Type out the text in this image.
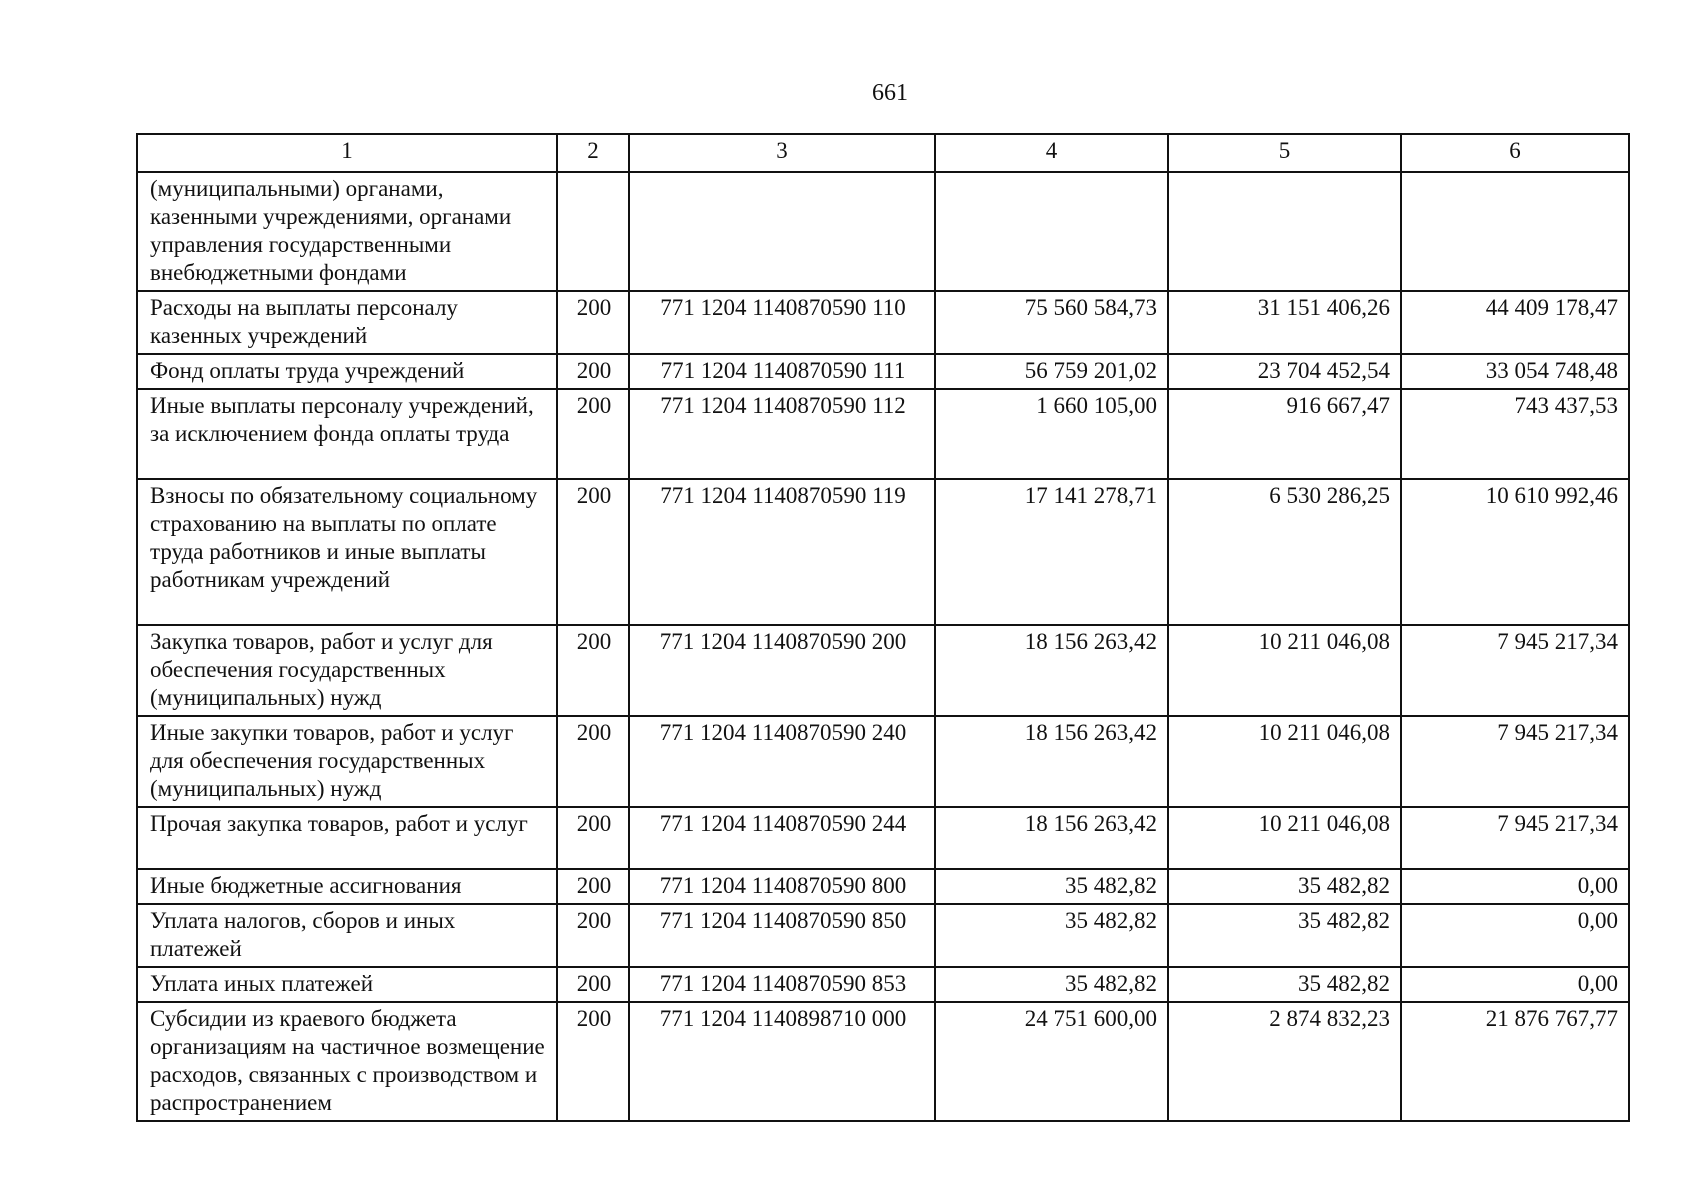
661
1	2	3	4	5	6
(муниципальными) органами, казенными учреждениями, органами управления государственными внебюджетными фондами					
Расходы на выплаты персоналу казенных учреждений	200	771 1204 1140870590 110	75 560 584,73	31 151 406,26	44 409 178,47
Фонд оплаты труда учреждений	200	771 1204 1140870590 111	56 759 201,02	23 704 452,54	33 054 748,48
Иные выплаты персоналу учреждений, за исключением фонда оплаты труда	200	771 1204 1140870590 112	1 660 105,00	916 667,47	743 437,53
Взносы по обязательному социальному страхованию на выплаты по оплате труда работников и иные выплаты работникам учреждений	200	771 1204 1140870590 119	17 141 278,71	6 530 286,25	10 610 992,46
Закупка товаров, работ и услуг для обеспечения государственных (муниципальных) нужд	200	771 1204 1140870590 200	18 156 263,42	10 211 046,08	7 945 217,34
Иные закупки товаров, работ и услуг для обеспечения государственных (муниципальных) нужд	200	771 1204 1140870590 240	18 156 263,42	10 211 046,08	7 945 217,34
Прочая закупка товаров, работ и услуг	200	771 1204 1140870590 244	18 156 263,42	10 211 046,08	7 945 217,34
Иные бюджетные ассигнования	200	771 1204 1140870590 800	35 482,82	35 482,82	0,00
Уплата налогов, сборов и иных платежей	200	771 1204 1140870590 850	35 482,82	35 482,82	0,00
Уплата иных платежей	200	771 1204 1140870590 853	35 482,82	35 482,82	0,00
Субсидии из краевого бюджета организациям на частичное возмещение расходов, связанных с производством и распространением	200	771 1204 1140898710 000	24 751 600,00	2 874 832,23	21 876 767,77
